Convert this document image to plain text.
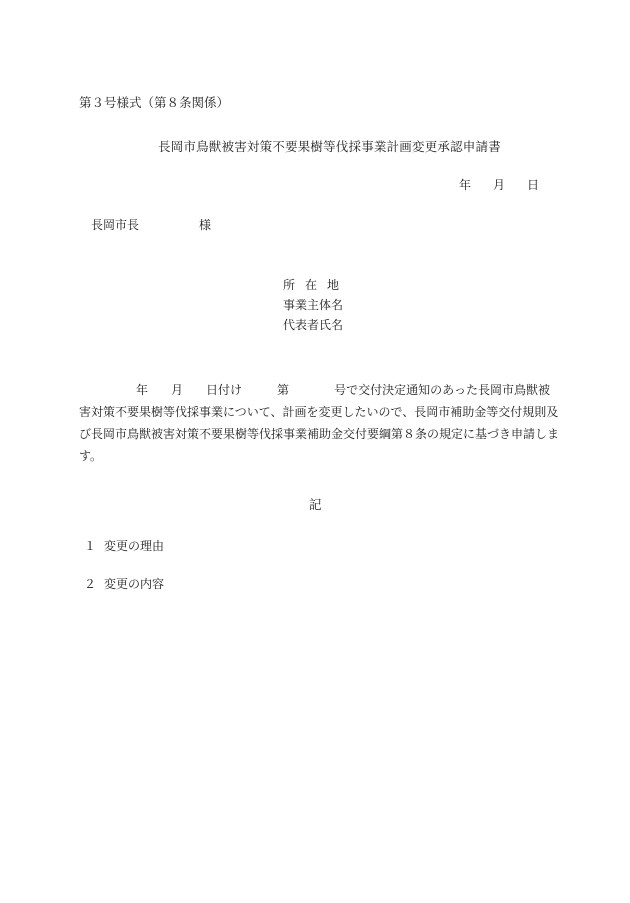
第３号様式（第８条関係）
長岡市鳥獣被害対策不要果樹等伐採事業計画変更承認申請書
年 月 日
長岡市長	様
所 在 地
事業主体名
代表者氏名
年 月 日付け	第	号で交付決定通知のあった長岡市鳥獣被
害対策不要果樹等伐採事業について、計画を変更したいので、長岡市補助金等交付規則及
び長岡市鳥獣被害対策不要果樹等伐採事業補助金交付要綱第８条の規定に基づき申請しま
す。
記
１ 変更の理由
２ 変更の内容
